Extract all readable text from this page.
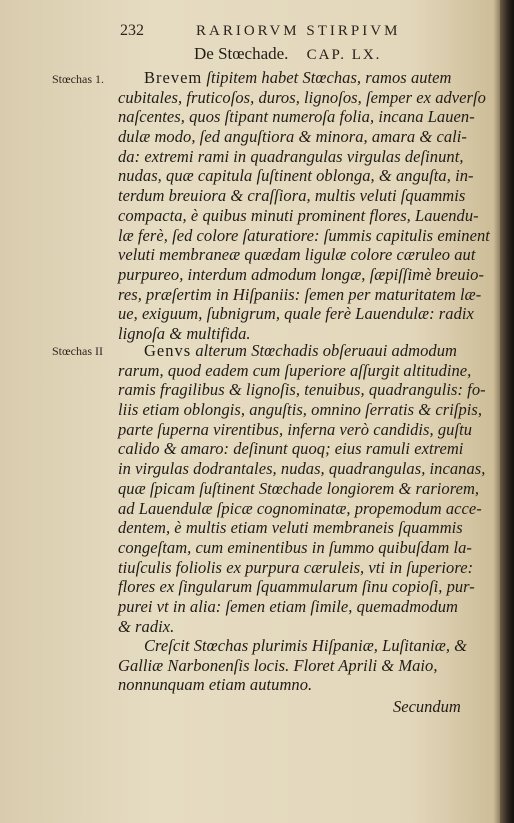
232	RARIORVM STIRPIVM
De Stœchade. CAP. LX.
Stœchas 1.
Stœchas II
Brevem ſtipitem habet Stœchas, ramos autem
cubitales, fruticoſos, duros, lignoſos, ſemper ex adverſo
naſcentes, quos ſtipant numeroſa folia, incana Lauen-
dulæ modo, ſed anguſtiora & minora, amara & cali-
da: extremi rami in quadrangulas virgulas deſinunt,
nudas, quæ capitula ſuſtinent oblonga, & anguſta, in-
terdum breuiora & craſſiora, multis veluti ſquammis
compacta, è quibus minuti prominent flores, Lauendu-
læ ferè, ſed colore ſaturatiore: ſummis capitulis eminent
veluti membraneæ quædam ligulæ colore cæruleo aut
purpureo, interdum admodum longæ, ſæpiſſimè breuio-
res, præſertim in Hiſpaniis: ſemen per maturitatem læ-
ue, exiguum, ſubnigrum, quale ferè Lauendulæ: radix
lignoſa & multifida.
Genvs alterum Stœchadis obſeruaui admodum
rarum, quod eadem cum ſuperiore aſſurgit altitudine,
ramis fragilibus & lignoſis, tenuibus, quadrangulis: fo-
liis etiam oblongis, anguſtis, omnino ſerratis & criſpis,
parte ſuperna virentibus, inferna verò candidis, guſtu
calido & amaro: deſinunt quoq; eius ramuli extremi
in virgulas dodrantales, nudas, quadrangulas, incanas,
quæ ſpicam ſuſtinent Stœchade longiorem & rariorem,
ad Lauendulæ ſpicæ cognominatæ, propemodum acce-
dentem, è multis etiam veluti membraneis ſquammis
congeſtam, cum eminentibus in ſummo quibuſdam la-
tiuſculis foliolis ex purpura cæruleis, vti in ſuperiore:
flores ex ſingularum ſquammularum ſinu copioſi, pur-
purei vt in alia: ſemen etiam ſimile, quemadmodum
& radix.
Creſcit Stœchas plurimis Hiſpaniæ, Luſitaniæ, &
Galliæ Narbonenſis locis. Floret Aprili & Maio,
nonnunquam etiam autumno.
Secundum
